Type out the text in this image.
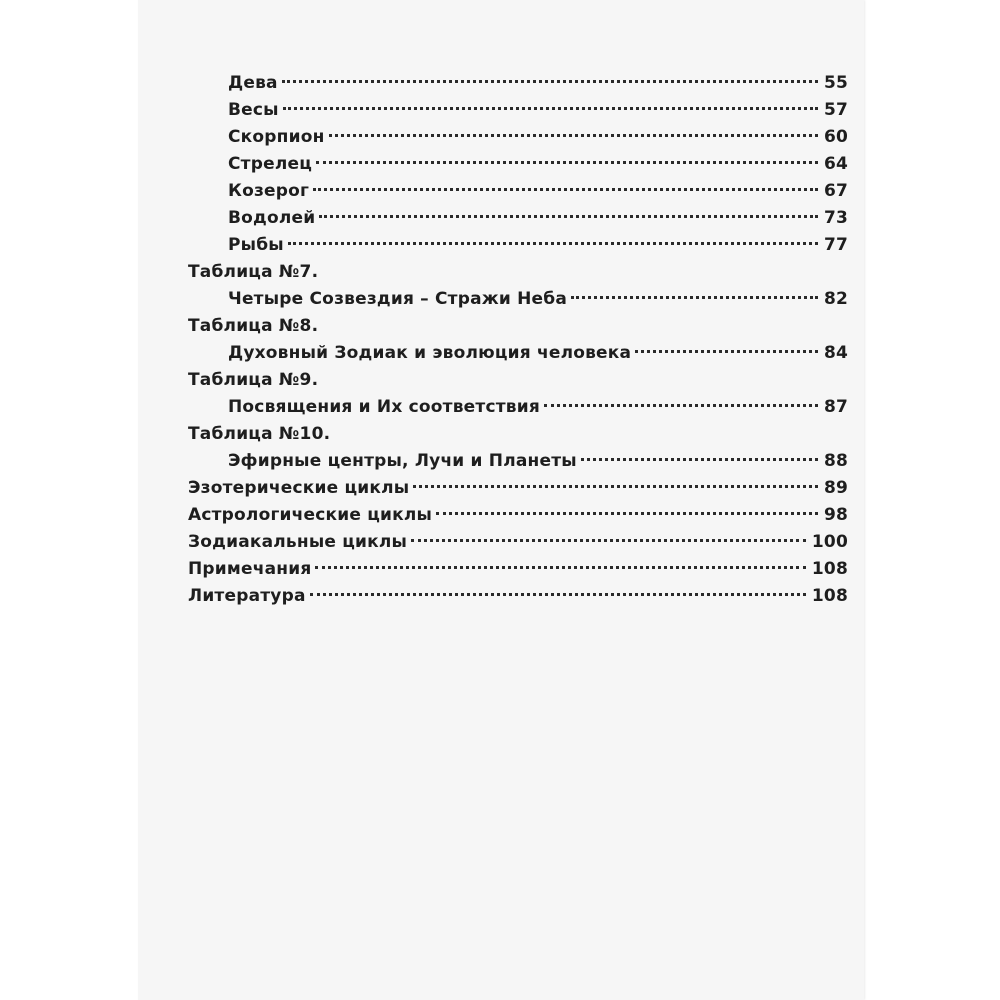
Дева	55
Весы	57
Скорпион	60
Стрелец	64
Козерог	67
Водолей	73
Рыбы	77
Таблица №7.
Четыре Созвездия – Стражи Неба	82
Таблица №8.
Духовный Зодиак и эволюция человека	84
Таблица №9.
Посвящения и Их соответствия	87
Таблица №10.
Эфирные центры, Лучи и Планеты	88
Эзотерические циклы	89
Астрологические циклы	98
Зодиакальные циклы	100
Примечания	108
Литература	108
